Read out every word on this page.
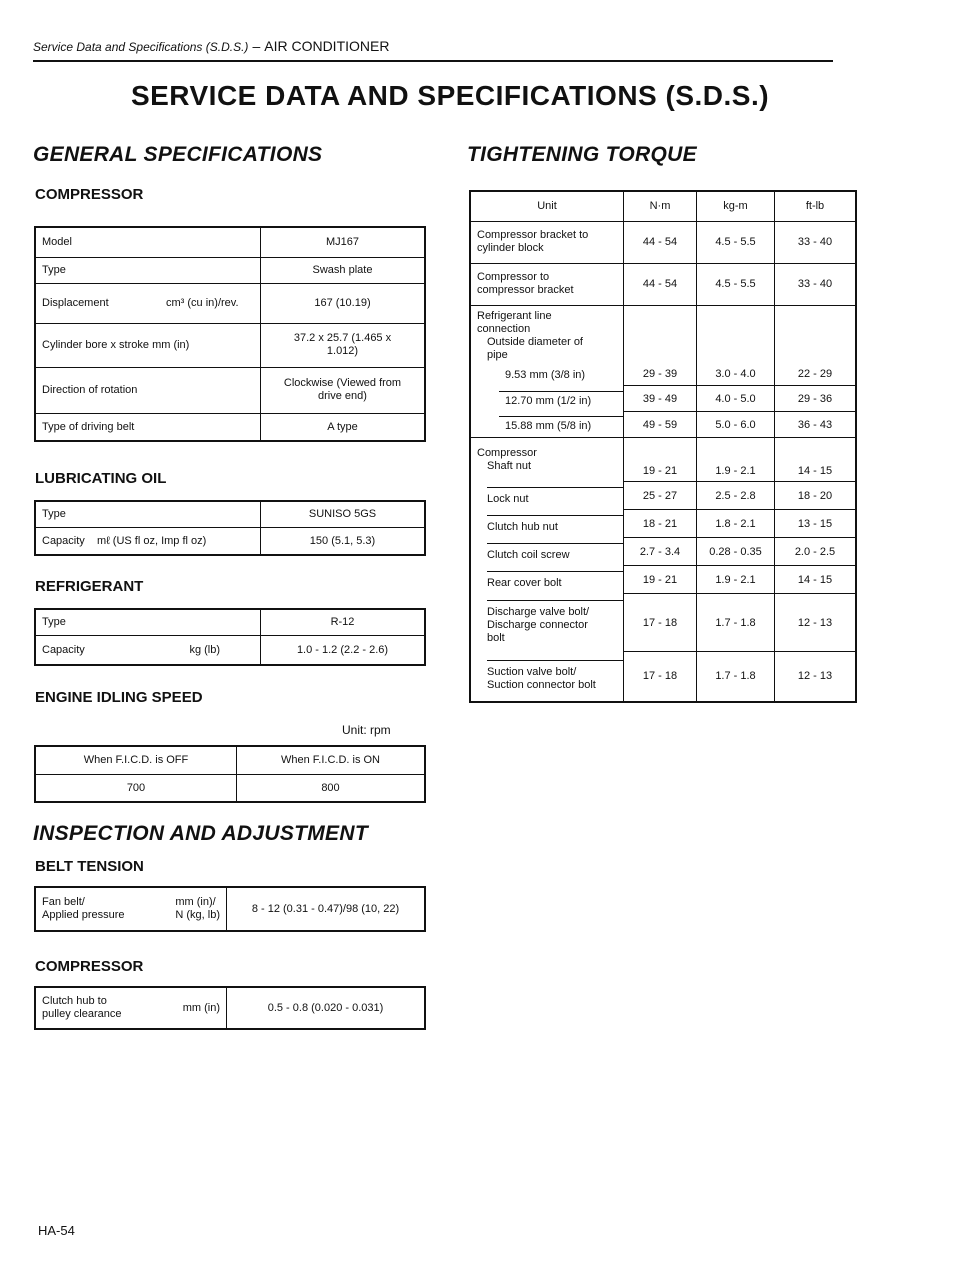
Service Data and Specifications (S.D.S.) – AIR CONDITIONER
SERVICE DATA AND SPECIFICATIONS (S.D.S.)
GENERAL SPECIFICATIONS
COMPRESSOR
Model	MJ167
Type	Swash plate

Displacement cm³ (cu in)/rev.	167 (10.19)
Cylinder bore x stroke mm (in)	37.2 x 25.7 (1.465 x 1.012)
Direction of rotation	Clockwise (Viewed from drive end)
Type of driving belt	A type
LUBRICATING OIL
Type	SUNISO 5GS
Capacity mℓ (US fl oz, Imp fl oz)	150 (5.1, 5.3)
REFRIGERANT
Type	R-12

Capacity kg (lb)	1.0 - 1.2 (2.2 - 2.6)
ENGINE IDLING SPEED
Unit: rpm
When F.I.C.D. is OFF	When F.I.C.D. is ON
700	800
INSPECTION AND ADJUSTMENT
BELT TENSION
Fan belt/
Applied pressure
mm (in)/
N (kg, lb)	8 - 12 (0.31 - 0.47)/98 (10, 22)
COMPRESSOR
Clutch hub to
pulley clearance
mm (in)	0.5 - 0.8 (0.020 - 0.031)
TIGHTENING TORQUE
Unit	N·m	kg-m	ft-lb
Compressor bracket to
cylinder block	44 - 54	4.5 - 5.5	33 - 40
Compressor to
compressor bracket	44 - 54	4.5 - 5.5	33 - 40
Refrigerant line
connection
Outside diameter of
pipe			
9.53 mm (3/8 in)	29 - 39	3.0 - 4.0	22 - 29

12.70 mm (1/2 in)	39 - 49	4.0 - 5.0	29 - 36

15.88 mm (5/8 in)	49 - 59	5.0 - 6.0	36 - 43
Compressor
Shaft nut	19 - 21	1.9 - 2.1	14 - 15

Lock nut	25 - 27	2.5 - 2.8	18 - 20

Clutch hub nut	18 - 21	1.8 - 2.1	13 - 15

Clutch coil screw	2.7 - 3.4	0.28 - 0.35	2.0 - 2.5

Rear cover bolt	19 - 21	1.9 - 2.1	14 - 15

Discharge valve bolt/
Discharge connector
bolt	17 - 18	1.7 - 1.8	12 - 13

Suction valve bolt/
Suction connector bolt	17 - 18	1.7 - 1.8	12 - 13
HA-54
